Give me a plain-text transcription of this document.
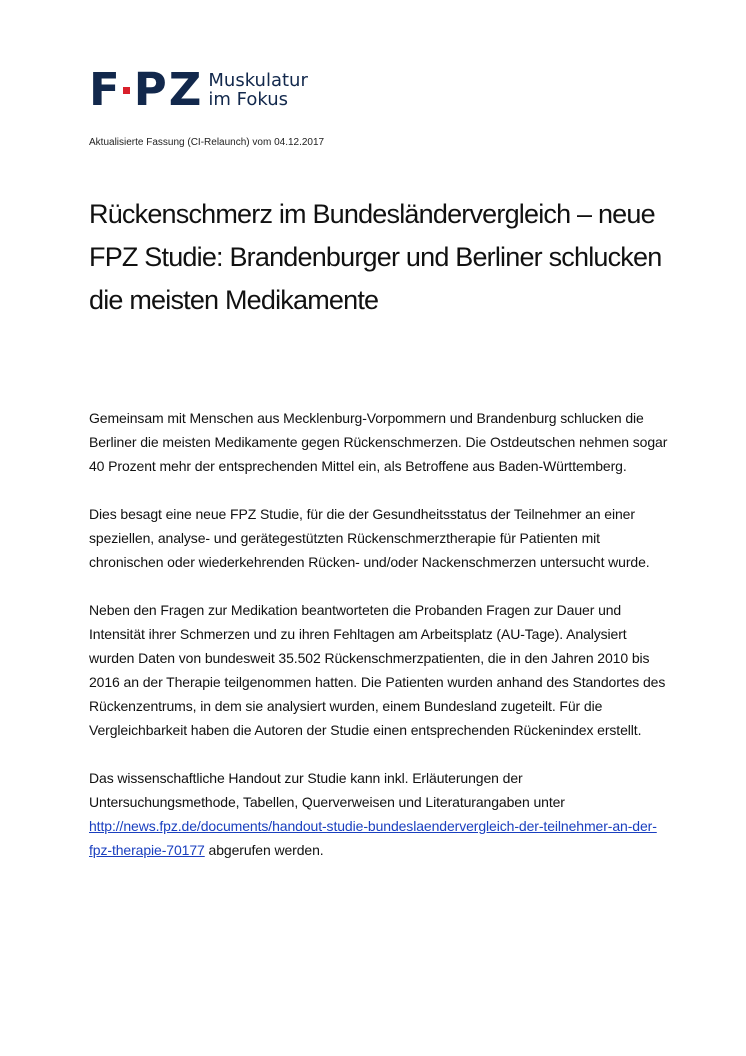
F P Z Muskulatur
im Fokus
Aktualisierte Fassung (CI-Relaunch) vom 04.12.2017
Rückenschmerz im Bundesländervergleich – neue FPZ Studie: Brandenburger und Berliner schlucken die meisten Medikamente

Gemeinsam mit Menschen aus Mecklenburg-Vorpommern und Brandenburg schlucken die Berliner die meisten Medikamente gegen Rückenschmerzen. Die Ostdeutschen nehmen sogar 40 Prozent mehr der entsprechenden Mittel ein, als Betroffene aus Baden-Württemberg.

Dies besagt eine neue FPZ Studie, für die der Gesundheitsstatus der Teilnehmer an einer speziellen, analyse- und gerätegestützten Rückenschmerztherapie für Patienten mit chronischen oder wiederkehrenden Rücken- und/oder Nackenschmerzen untersucht wurde.

Neben den Fragen zur Medikation beantworteten die Probanden Fragen zur Dauer und Intensität ihrer Schmerzen und zu ihren Fehltagen am Arbeitsplatz (AU-Tage). Analysiert wurden Daten von bundesweit 35.502 Rückenschmerzpatienten, die in den Jahren 2010 bis 2016 an der Therapie teilgenommen hatten. Die Patienten wurden anhand des Standortes des Rückenzentrums, in dem sie analysiert wurden, einem Bundesland zugeteilt. Für die Vergleichbarkeit haben die Autoren der Studie einen entsprechenden Rückenindex erstellt.

Das wissenschaftliche Handout zur Studie kann inkl. Erläuterungen der Untersuchungsmethode, Tabellen, Querverweisen und Literaturangaben unter http://news.fpz.de/documents/handout-studie-bundeslaendervergleich-der-teilnehmer-an-der-fpz-therapie-70177 abgerufen werden.
